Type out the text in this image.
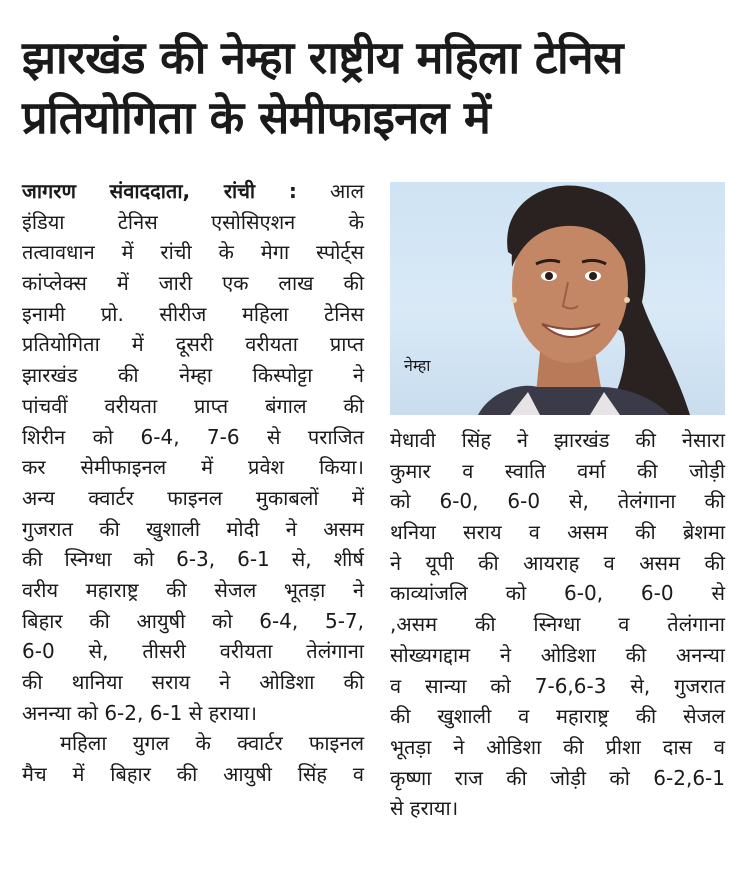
झारखंड की नेम्हा राष्ट्रीय महिला टेनिस
प्रतियोगिता के सेमीफाइनल में
जागरण संवाददाता, रांची : आल
इंडिया टेनिस एसोसिएशन के
तत्वावधान में रांची के मेगा स्पोर्ट्स
कांप्लेक्स में जारी एक लाख की
इनामी प्रो. सीरीज महिला टेनिस
प्रतियोगिता में दूसरी वरीयता प्राप्त
झारखंड की नेम्हा किस्पोट्टा ने
पांचवीं वरीयता प्राप्त बंगाल की
शिरीन को 6-4, 7-6 से पराजित
कर सेमीफाइनल में प्रवेश किया।
अन्य क्वार्टर फाइनल मुकाबलों में
गुजरात की खुशाली मोदी ने असम
की स्निग्धा को 6-3, 6-1 से, शीर्ष
वरीय महाराष्ट्र की सेजल भूतड़ा ने
बिहार की आयुषी को 6-4, 5-7,
6-0 से, तीसरी वरीयता तेलंगाना
की थानिया सराय ने ओडिशा की
अनन्या को 6-2, 6-1 से हराया।
महिला युगल के क्वार्टर फाइनल
मैच में बिहार की आयुषी सिंह व
नेम्हा
मेधावी सिंह ने झारखंड की नेसारा
कुमार व स्वाति वर्मा की जोड़ी
को 6-0, 6-0 से, तेलंगाना की
थनिया सराय व असम की ब्रेशमा
ने यूपी की आयराह व असम की
काव्यांजलि को 6-0, 6-0 से
,असम की स्निग्धा व तेलंगाना
सोख्यगद्दाम ने ओडिशा की अनन्या
व सान्या को 7-6,6-3 से, गुजरात
की खुशाली व महाराष्ट्र की सेजल
भूतड़ा ने ओडिशा की प्रीशा दास व
कृष्णा राज की जोड़ी को 6-2,6-1
से हराया।
